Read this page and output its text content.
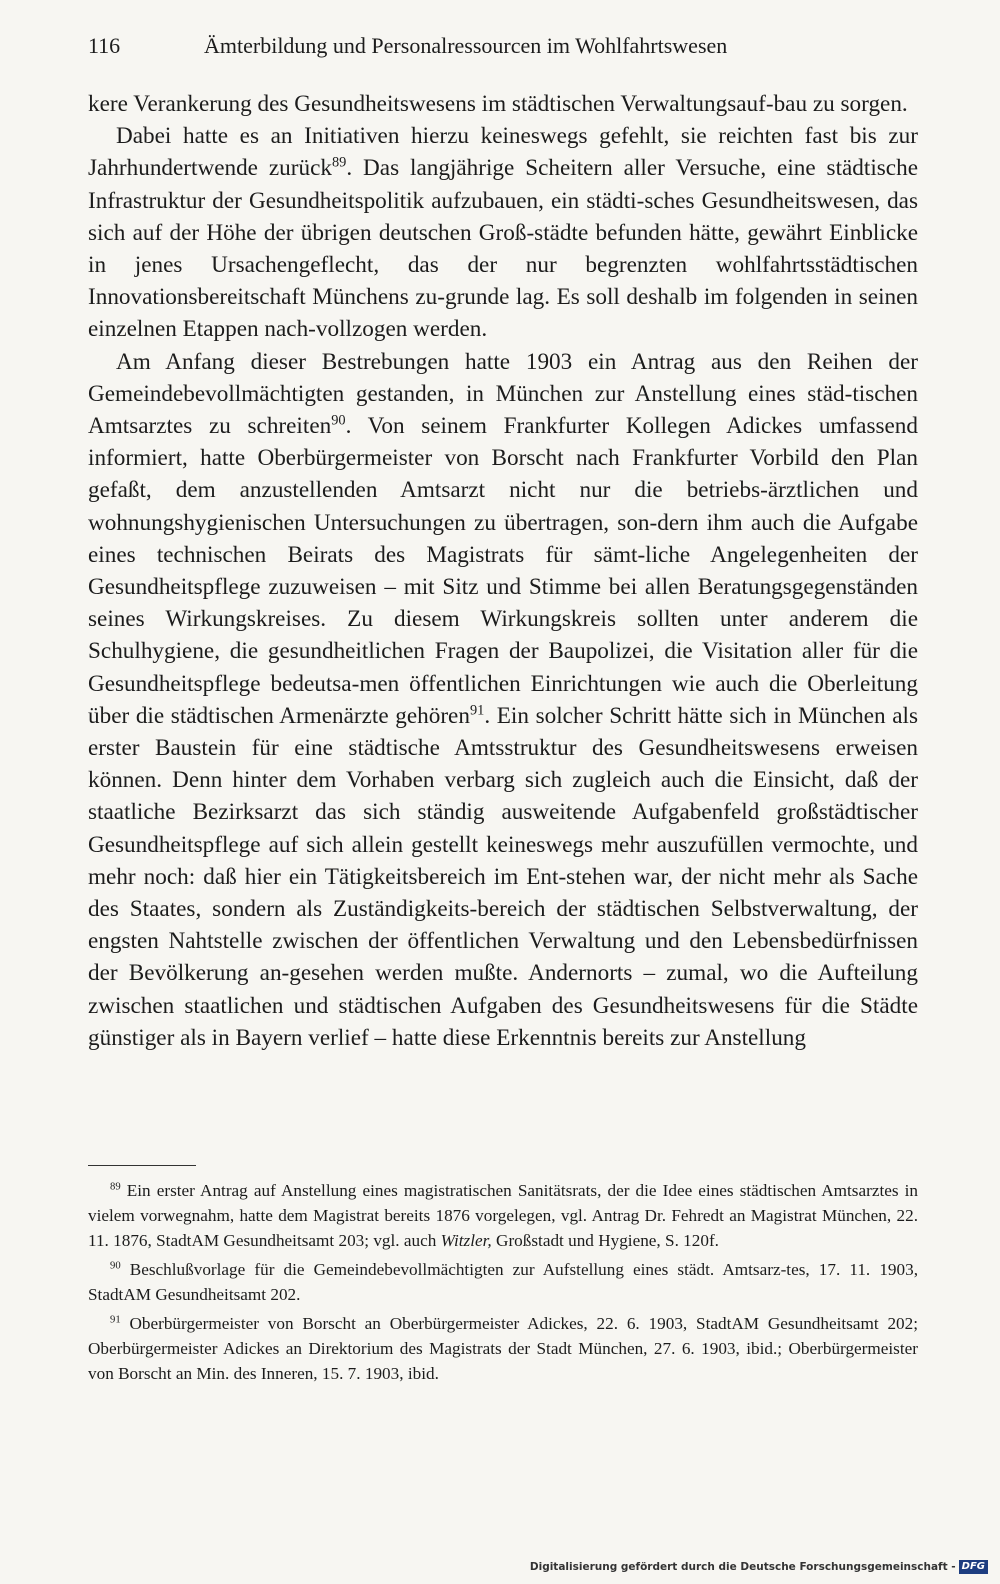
116	Ämterbildung und Personalressourcen im Wohlfahrtswesen

kere Verankerung des Gesundheitswesens im städtischen Verwaltungsauf-bau zu sorgen.

Dabei hatte es an Initiativen hierzu keineswegs gefehlt, sie reichten fast bis zur Jahrhundertwende zurück$^{89}$. Das langjährige Scheitern aller Versuche, eine städtische Infrastruktur der Gesundheitspolitik aufzubauen, ein städti-sches Gesundheitswesen, das sich auf der Höhe der übrigen deutschen Groß-städte befunden hätte, gewährt Einblicke in jenes Ursachengeflecht, das der nur begrenzten wohlfahrtsstädtischen Innovationsbereitschaft Münchens zu-grunde lag. Es soll deshalb im folgenden in seinen einzelnen Etappen nach-vollzogen werden.

Am Anfang dieser Bestrebungen hatte 1903 ein Antrag aus den Reihen der Gemeindebevollmächtigten gestanden, in München zur Anstellung eines städ-tischen Amtsarztes zu schreiten$^{90}$. Von seinem Frankfurter Kollegen Adickes umfassend informiert, hatte Oberbürgermeister von Borscht nach Frankfurter Vorbild den Plan gefaßt, dem anzustellenden Amtsarzt nicht nur die betriebs-ärztlichen und wohnungshygienischen Untersuchungen zu übertragen, son-dern ihm auch die Aufgabe eines technischen Beirats des Magistrats für sämt-liche Angelegenheiten der Gesundheitspflege zuzuweisen – mit Sitz und Stimme bei allen Beratungsgegenständen seines Wirkungskreises. Zu diesem Wirkungskreis sollten unter anderem die Schulhygiene, die gesundheitlichen Fragen der Baupolizei, die Visitation aller für die Gesundheitspflege bedeutsa-men öffentlichen Einrichtungen wie auch die Oberleitung über die städtischen Armenärzte gehören$^{91}$. Ein solcher Schritt hätte sich in München als erster Baustein für eine städtische Amtsstruktur des Gesundheitswesens erweisen können. Denn hinter dem Vorhaben verbarg sich zugleich auch die Einsicht, daß der staatliche Bezirksarzt das sich ständig ausweitende Aufgabenfeld großstädtischer Gesundheitspflege auf sich allein gestellt keineswegs mehr auszufüllen vermochte, und mehr noch: daß hier ein Tätigkeitsbereich im Ent-stehen war, der nicht mehr als Sache des Staates, sondern als Zuständigkeits-bereich der städtischen Selbstverwaltung, der engsten Nahtstelle zwischen der öffentlichen Verwaltung und den Lebensbedürfnissen der Bevölkerung an-gesehen werden mußte. Andernorts – zumal, wo die Aufteilung zwischen staatlichen und städtischen Aufgaben des Gesundheitswesens für die Städte günstiger als in Bayern verlief – hatte diese Erkenntnis bereits zur Anstellung

$^{89}$ Ein erster Antrag auf Anstellung eines magistratischen Sanitätsrats, der die Idee eines städtischen Amtsarztes in vielem vorwegnahm, hatte dem Magistrat bereits 1876 vorgelegen, vgl. Antrag Dr. Fehredt an Magistrat München, 22. 11. 1876, StadtAM Gesundheitsamt 203; vgl. auch Witzler, Großstadt und Hygiene, S. 120f.

$^{90}$ Beschlußvorlage für die Gemeindebevollmächtigten zur Aufstellung eines städt. Amtsarz-tes, 17. 11. 1903, StadtAM Gesundheitsamt 202.

$^{91}$ Oberbürgermeister von Borscht an Oberbürgermeister Adickes, 22. 6. 1903, StadtAM Gesundheitsamt 202; Oberbürgermeister Adickes an Direktorium des Magistrats der Stadt München, 27. 6. 1903, ibid.; Oberbürgermeister von Borscht an Min. des Inneren, 15. 7. 1903, ibid.

Digitalisierung gefördert durch die Deutsche Forschungsgemeinschaft - DFG
